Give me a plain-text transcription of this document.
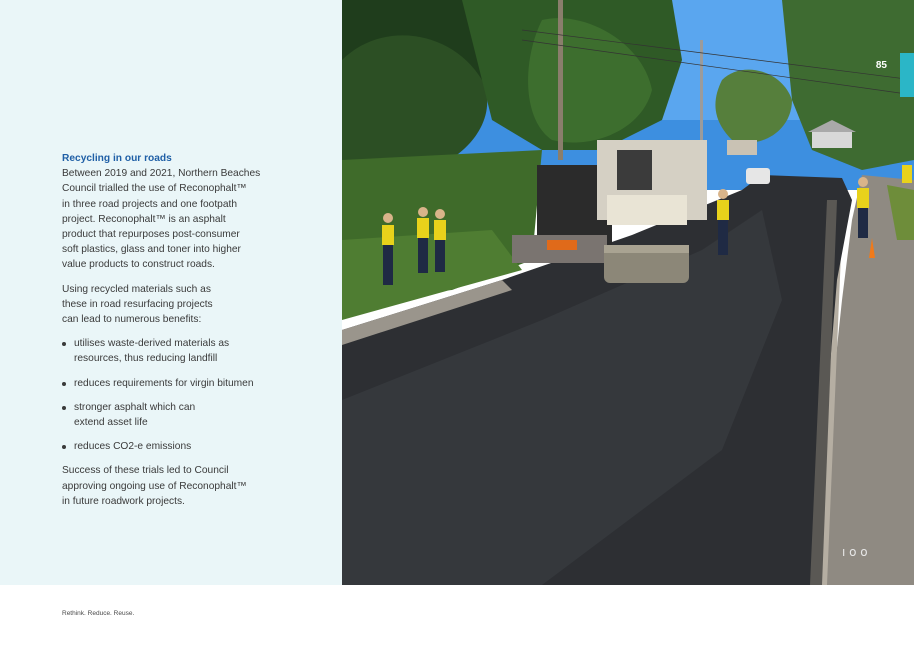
Recycling in our roads

Between 2019 and 2021, Northern Beaches
Council trialled the use of Reconophalt™
in three road projects and one footpath
project. Reconophalt™ is an asphalt
product that repurposes post-consumer
soft plastics, glass and toner into higher
value products to construct roads.

Using recycled materials such as
these in road resurfacing projects
can lead to numerous benefits:

utilises waste-derived materials as
resources, thus reducing landfill
reduces requirements for virgin bitumen
stronger asphalt which can
extend asset life
reduces CO2-e emissions

Success of these trials led to Council
approving ongoing use of Reconophalt™
in future roadwork projects.

ı o o
85
Rethink. Reduce. Reuse.
